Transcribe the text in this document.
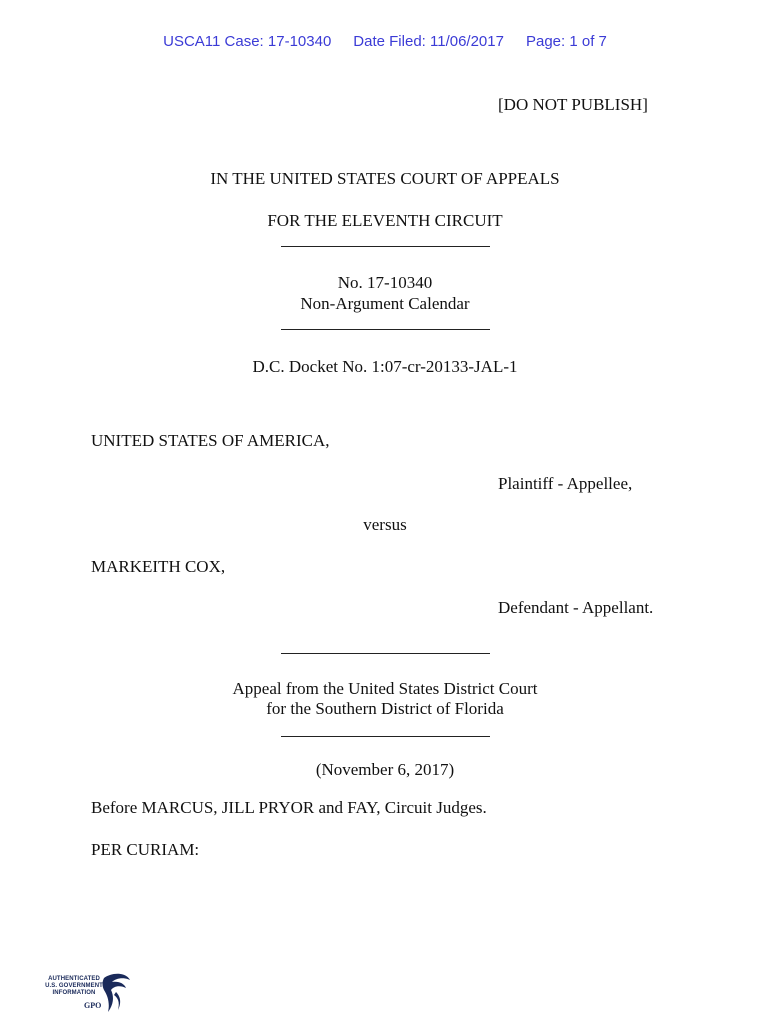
USCA11 Case: 17-10340 Date Filed: 11/06/2017 Page: 1 of 7
[DO NOT PUBLISH]
IN THE UNITED STATES COURT OF APPEALS
FOR THE ELEVENTH CIRCUIT
No. 17-10340
Non-Argument Calendar
D.C. Docket No. 1:07-cr-20133-JAL-1
UNITED STATES OF AMERICA,
Plaintiff - Appellee,
versus
MARKEITH COX,
Defendant - Appellant.
Appeal from the United States District Court
for the Southern District of Florida
(November 6, 2017)
Before MARCUS, JILL PRYOR and FAY, Circuit Judges.
PER CURIAM:
AUTHENTICATED
U.S. GOVERNMENT
INFORMATION
GPO
